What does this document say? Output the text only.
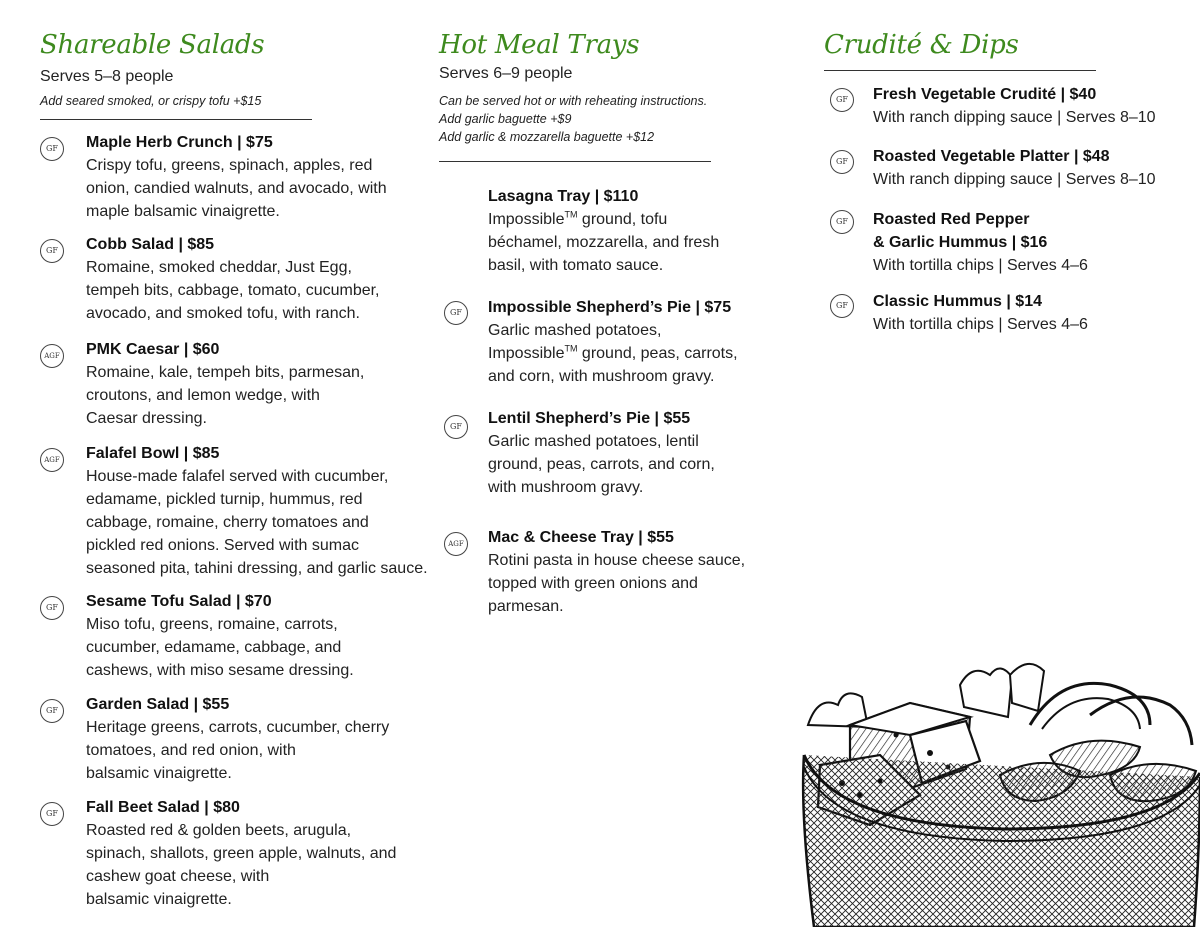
Shareable Salads
Serves 5–8 people
Add seared smoked, or crispy tofu +$15
GF	Maple Herb Crunch | $75
Crispy tofu, greens, spinach, apples, red
onion, candied walnuts, and avocado, with
maple balsamic vinaigrette.
GF	Cobb Salad | $85
Romaine, smoked cheddar, Just Egg,
tempeh bits, cabbage, tomato, cucumber,
avocado, and smoked tofu, with ranch.
AGF PMK Caesar | $60
Romaine, kale, tempeh bits, parmesan,
croutons, and lemon wedge, with
Caesar dressing.
AGF Falafel Bowl | $85
House-made falafel served with cucumber,
edamame, pickled turnip, hummus, red
cabbage, romaine, cherry tomatoes and
pickled red onions. Served with sumac
seasoned pita, tahini dressing, and garlic sauce.
GF	Sesame Tofu Salad | $70
Miso tofu, greens, romaine, carrots,
cucumber, edamame, cabbage, and
cashews, with miso sesame dressing.
GF	Garden Salad | $55
Heritage greens, carrots, cucumber, cherry
tomatoes, and red onion, with
balsamic vinaigrette.
GF	Fall Beet Salad | $80
Roasted red & golden beets, arugula,
spinach, shallots, green apple, walnuts, and
cashew goat cheese, with
balsamic vinaigrette.
Hot Meal Trays
Serves 6–9 people
Can be served hot or with reheating instructions.
Add garlic baguette +$9
Add garlic & mozzarella baguette +$12
Lasagna Tray | $110
Impossible™ ground, tofu
béchamel, mozzarella, and fresh
basil, with tomato sauce.
GF	Impossible Shepherd’s Pie | $75
Garlic mashed potatoes,
Impossible™ ground, peas, carrots,
and corn, with mushroom gravy.
GF	Lentil Shepherd’s Pie | $55
Garlic mashed potatoes, lentil
ground, peas, carrots, and corn,
with mushroom gravy.
AGF Mac & Cheese Tray | $55
Rotini pasta in house cheese sauce,
topped with green onions and
parmesan.
Crudité & Dips
GF	Fresh Vegetable Crudité | $40
With ranch dipping sauce | Serves 8–10
GF	Roasted Vegetable Platter | $48
With ranch dipping sauce | Serves 8–10
GF	Roasted Red Pepper
& Garlic Hummus | $16
With tortilla chips | Serves 4–6
GF	Classic Hummus | $14
With tortilla chips | Serves 4–6
